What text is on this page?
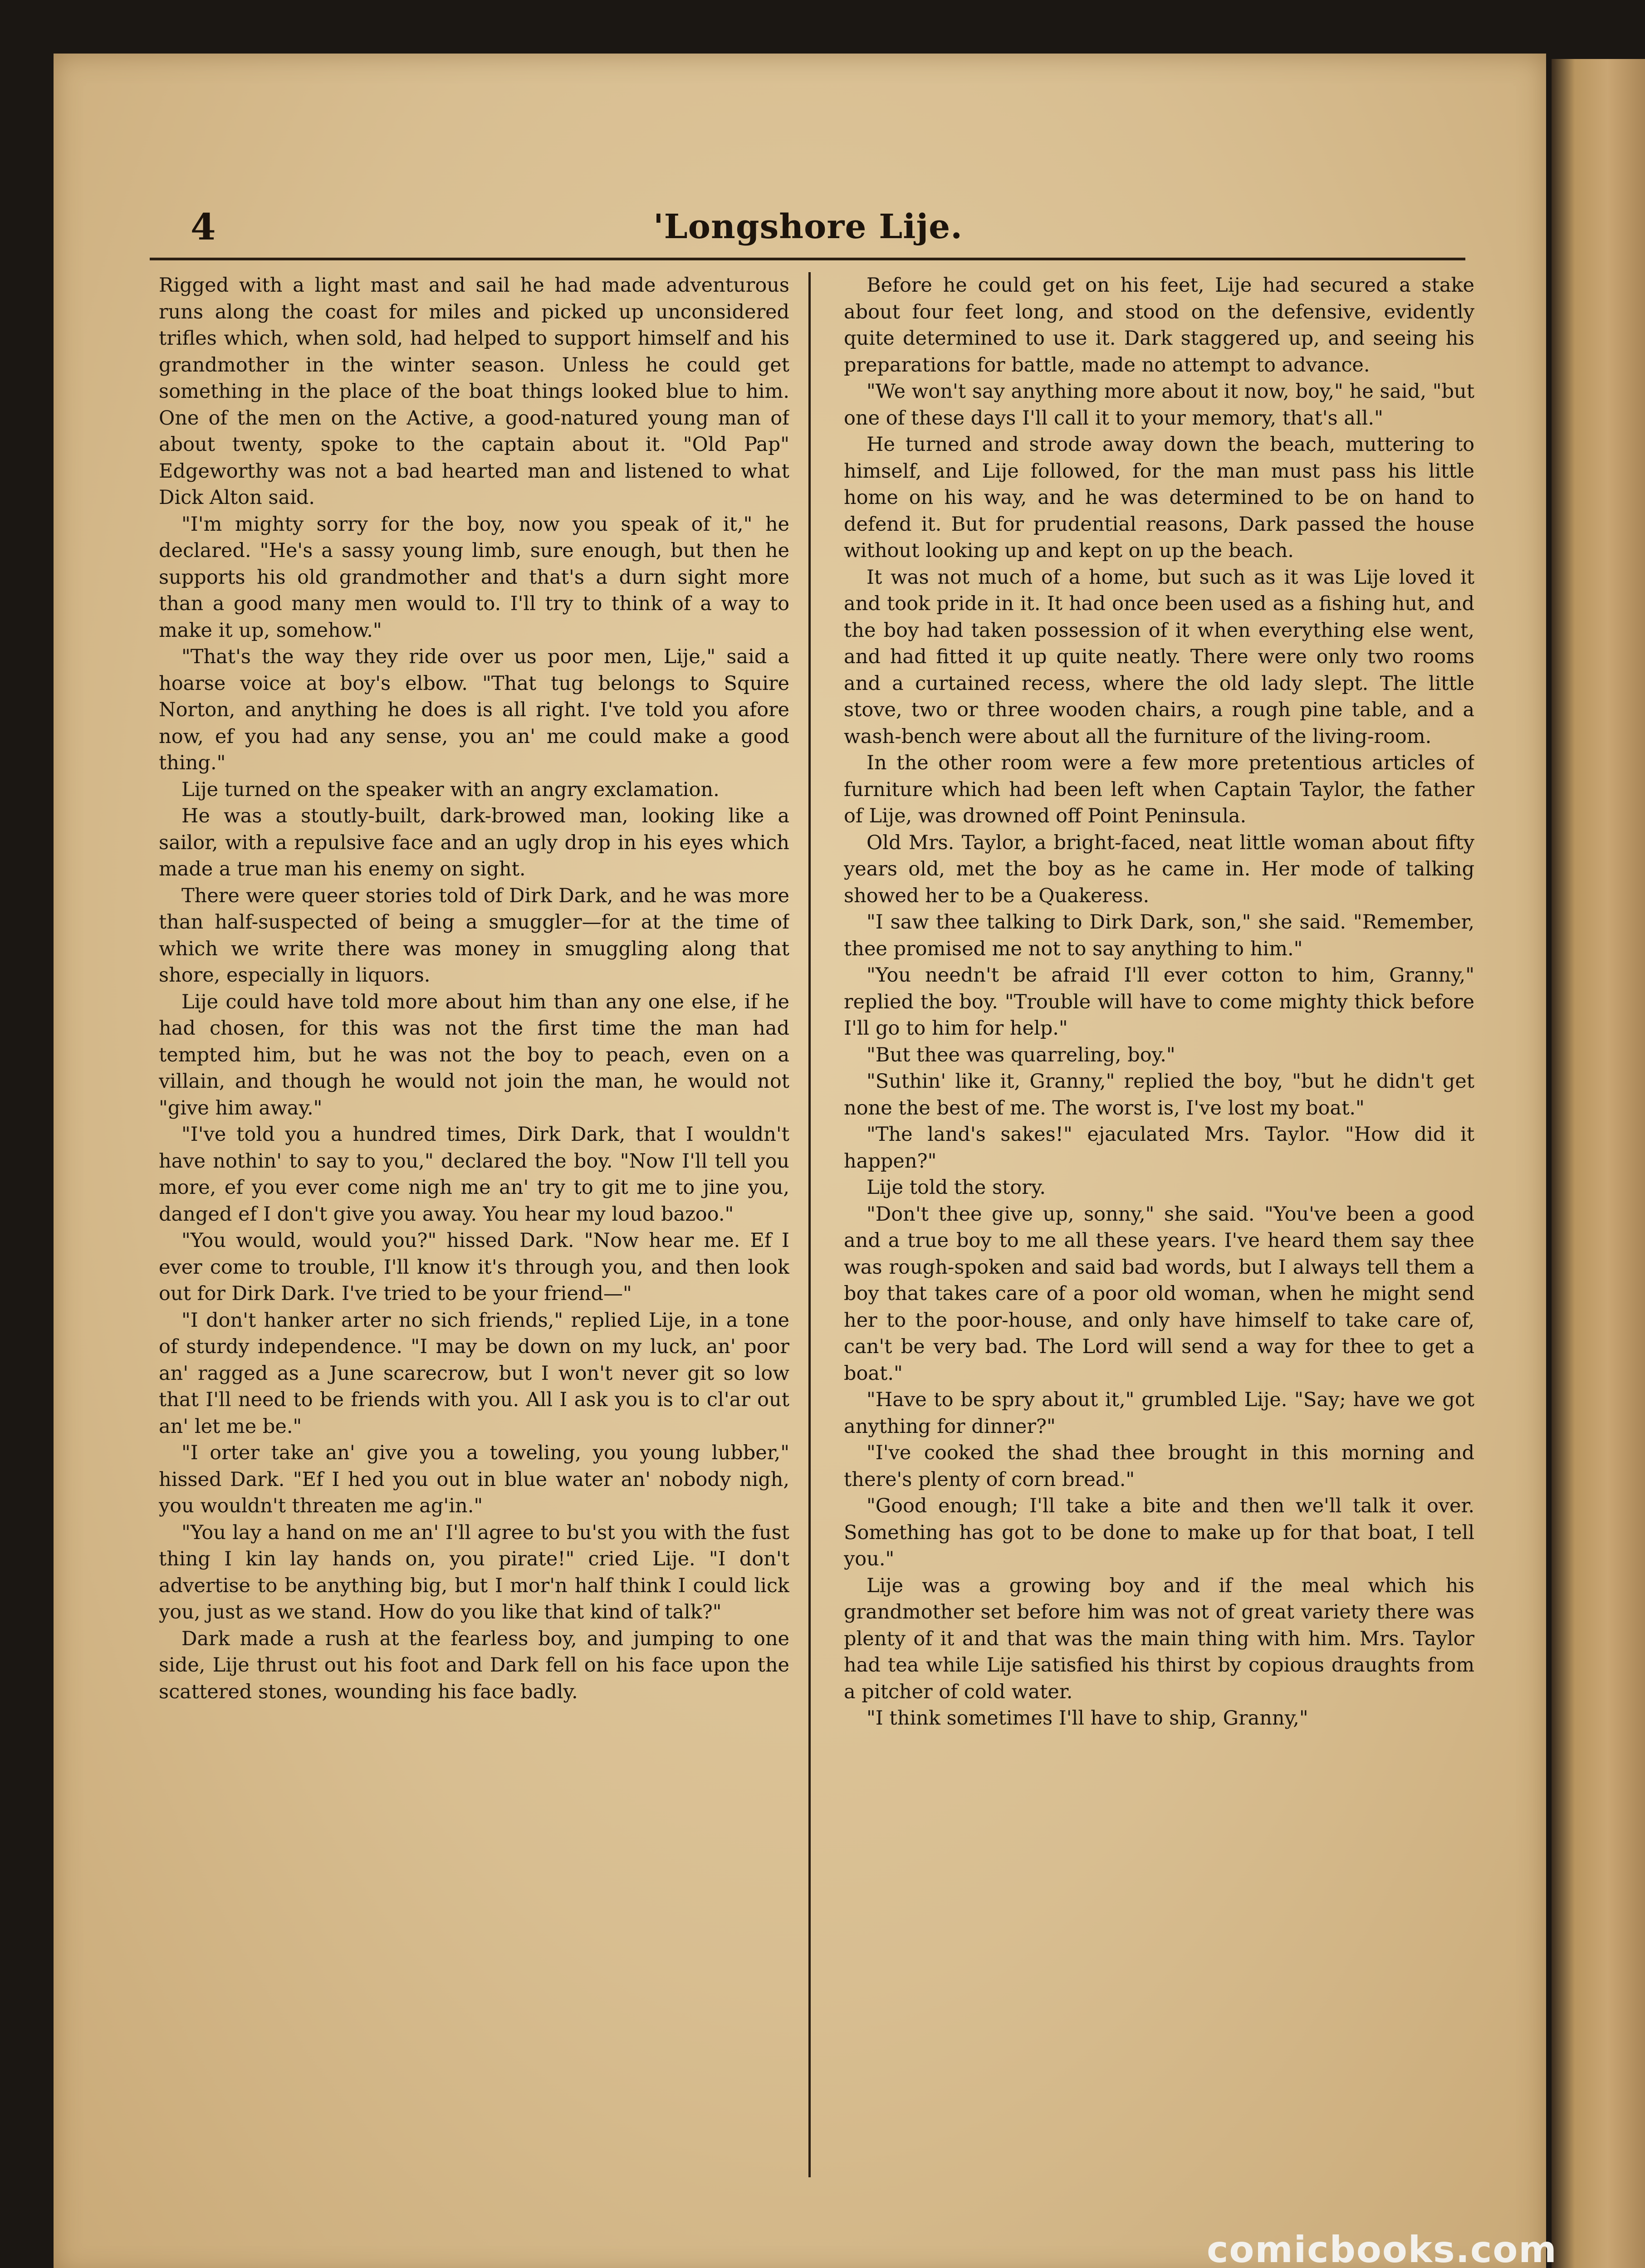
4	'Longshore Lije.

Rigged with a light mast and sail he had made adventurous runs along the coast for miles and picked up unconsidered trifles which, when sold, had helped to support himself and his grandmother in the winter season. Unless he could get something in the place of the boat things looked blue to him. One of the men on the Active, a good-natured young man of about twenty, spoke to the captain about it. "Old Pap" Edgeworthy was not a bad hearted man and listened to what Dick Alton said.

"I'm mighty sorry for the boy, now you speak of it," he declared. "He's a sassy young limb, sure enough, but then he supports his old grandmother and that's a durn sight more than a good many men would to. I'll try to think of a way to make it up, somehow."

"That's the way they ride over us poor men, Lije," said a hoarse voice at boy's elbow. "That tug belongs to Squire Norton, and anything he does is all right. I've told you afore now, ef you had any sense, you an' me could make a good thing."

Lije turned on the speaker with an angry exclamation.

He was a stoutly-built, dark-browed man, looking like a sailor, with a repulsive face and an ugly drop in his eyes which made a true man his enemy on sight.

There were queer stories told of Dirk Dark, and he was more than half-suspected of being a smuggler—for at the time of which we write there was money in smuggling along that shore, especially in liquors.

Lije could have told more about him than any one else, if he had chosen, for this was not the first time the man had tempted him, but he was not the boy to peach, even on a villain, and though he would not join the man, he would not "give him away."

"I've told you a hundred times, Dirk Dark, that I wouldn't have nothin' to say to you," declared the boy. "Now I'll tell you more, ef you ever come nigh me an' try to git me to jine you, danged ef I don't give you away. You hear my loud bazoo."

"You would, would you?" hissed Dark. "Now hear me. Ef I ever come to trouble, I'll know it's through you, and then look out for Dirk Dark. I've tried to be your friend—"

"I don't hanker arter no sich friends," replied Lije, in a tone of sturdy independence. "I may be down on my luck, an' poor an' ragged as a June scarecrow, but I won't never git so low that I'll need to be friends with you. All I ask you is to cl'ar out an' let me be."

"I orter take an' give you a toweling, you young lubber," hissed Dark. "Ef I hed you out in blue water an' nobody nigh, you wouldn't threaten me ag'in."

"You lay a hand on me an' I'll agree to bu'st you with the fust thing I kin lay hands on, you pirate!" cried Lije. "I don't advertise to be anything big, but I mor'n half think I could lick you, just as we stand. How do you like that kind of talk?"

Dark made a rush at the fearless boy, and jumping to one side, Lije thrust out his foot and Dark fell on his face upon the scattered stones, wounding his face badly.

Before he could get on his feet, Lije had secured a stake about four feet long, and stood on the defensive, evidently quite determined to use it. Dark staggered up, and seeing his preparations for battle, made no attempt to advance.

"We won't say anything more about it now, boy," he said, "but one of these days I'll call it to your memory, that's all."

He turned and strode away down the beach, muttering to himself, and Lije followed, for the man must pass his little home on his way, and he was determined to be on hand to defend it. But for prudential reasons, Dark passed the house without looking up and kept on up the beach.

It was not much of a home, but such as it was Lije loved it and took pride in it. It had once been used as a fishing hut, and the boy had taken possession of it when everything else went, and had fitted it up quite neatly. There were only two rooms and a curtained recess, where the old lady slept. The little stove, two or three wooden chairs, a rough pine table, and a wash-bench were about all the furniture of the living-room.

In the other room were a few more pretentious articles of furniture which had been left when Captain Taylor, the father of Lije, was drowned off Point Peninsula.

Old Mrs. Taylor, a bright-faced, neat little woman about fifty years old, met the boy as he came in. Her mode of talking showed her to be a Quakeress.

"I saw thee talking to Dirk Dark, son," she said. "Remember, thee promised me not to say anything to him."

"You needn't be afraid I'll ever cotton to him, Granny," replied the boy. "Trouble will have to come mighty thick before I'll go to him for help."

"But thee was quarreling, boy."

"Suthin' like it, Granny," replied the boy, "but he didn't get none the best of me. The worst is, I've lost my boat."

"The land's sakes!" ejaculated Mrs. Taylor. "How did it happen?"

Lije told the story.

"Don't thee give up, sonny," she said. "You've been a good and a true boy to me all these years. I've heard them say thee was rough-spoken and said bad words, but I always tell them a boy that takes care of a poor old woman, when he might send her to the poor-house, and only have himself to take care of, can't be very bad. The Lord will send a way for thee to get a boat."

"Have to be spry about it," grumbled Lije. "Say; have we got anything for dinner?"

"I've cooked the shad thee brought in this morning and there's plenty of corn bread."

"Good enough; I'll take a bite and then we'll talk it over. Something has got to be done to make up for that boat, I tell you."

Lije was a growing boy and if the meal which his grandmother set before him was not of great variety there was plenty of it and that was the main thing with him. Mrs. Taylor had tea while Lije satisfied his thirst by copious draughts from a pitcher of cold water.

"I think sometimes I'll have to ship, Granny,"

comicbooks.com
